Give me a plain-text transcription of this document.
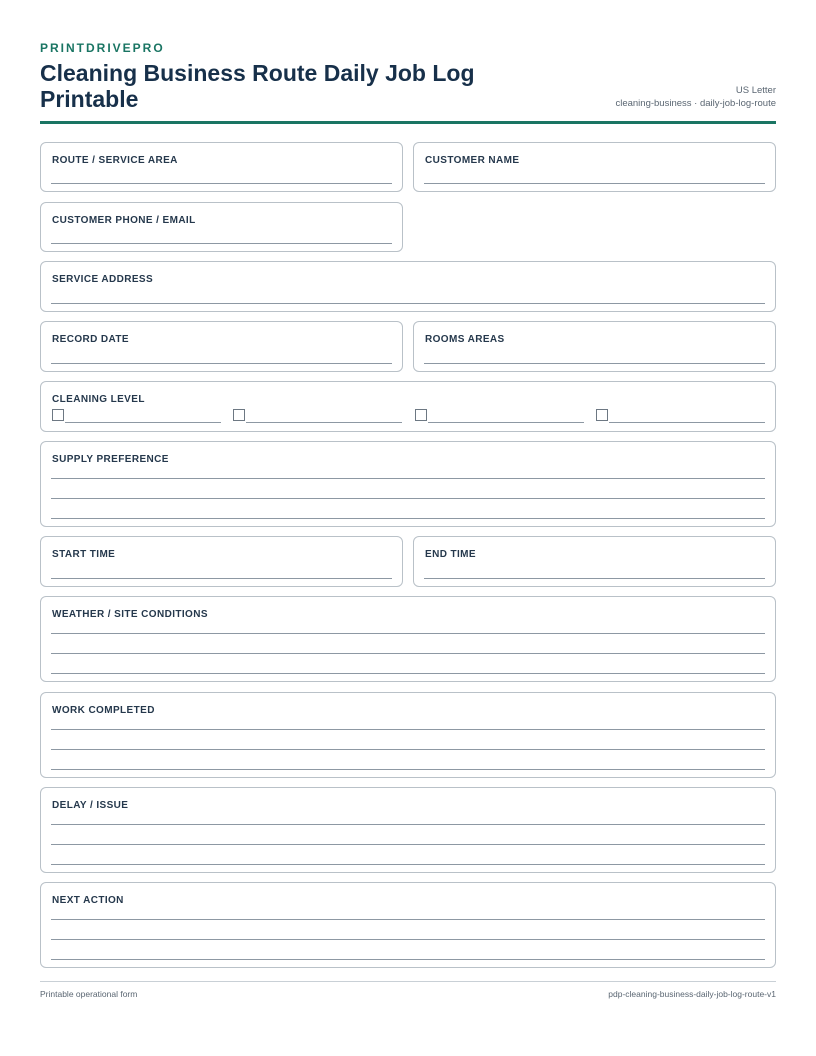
PRINTDRIVEPRO
Cleaning Business Route Daily Job Log Printable	US Letter
cleaning-business · daily-job-log-route
ROUTE / SERVICE AREA	CUSTOMER NAME
CUSTOMER PHONE / EMAIL
SERVICE ADDRESS
RECORD DATE	ROOMS AREAS
CLEANING LEVEL
SUPPLY PREFERENCE
START TIME	END TIME
WEATHER / SITE CONDITIONS
WORK COMPLETED
DELAY / ISSUE
NEXT ACTION
Printable operational form	pdp-cleaning-business-daily-job-log-route-v1
